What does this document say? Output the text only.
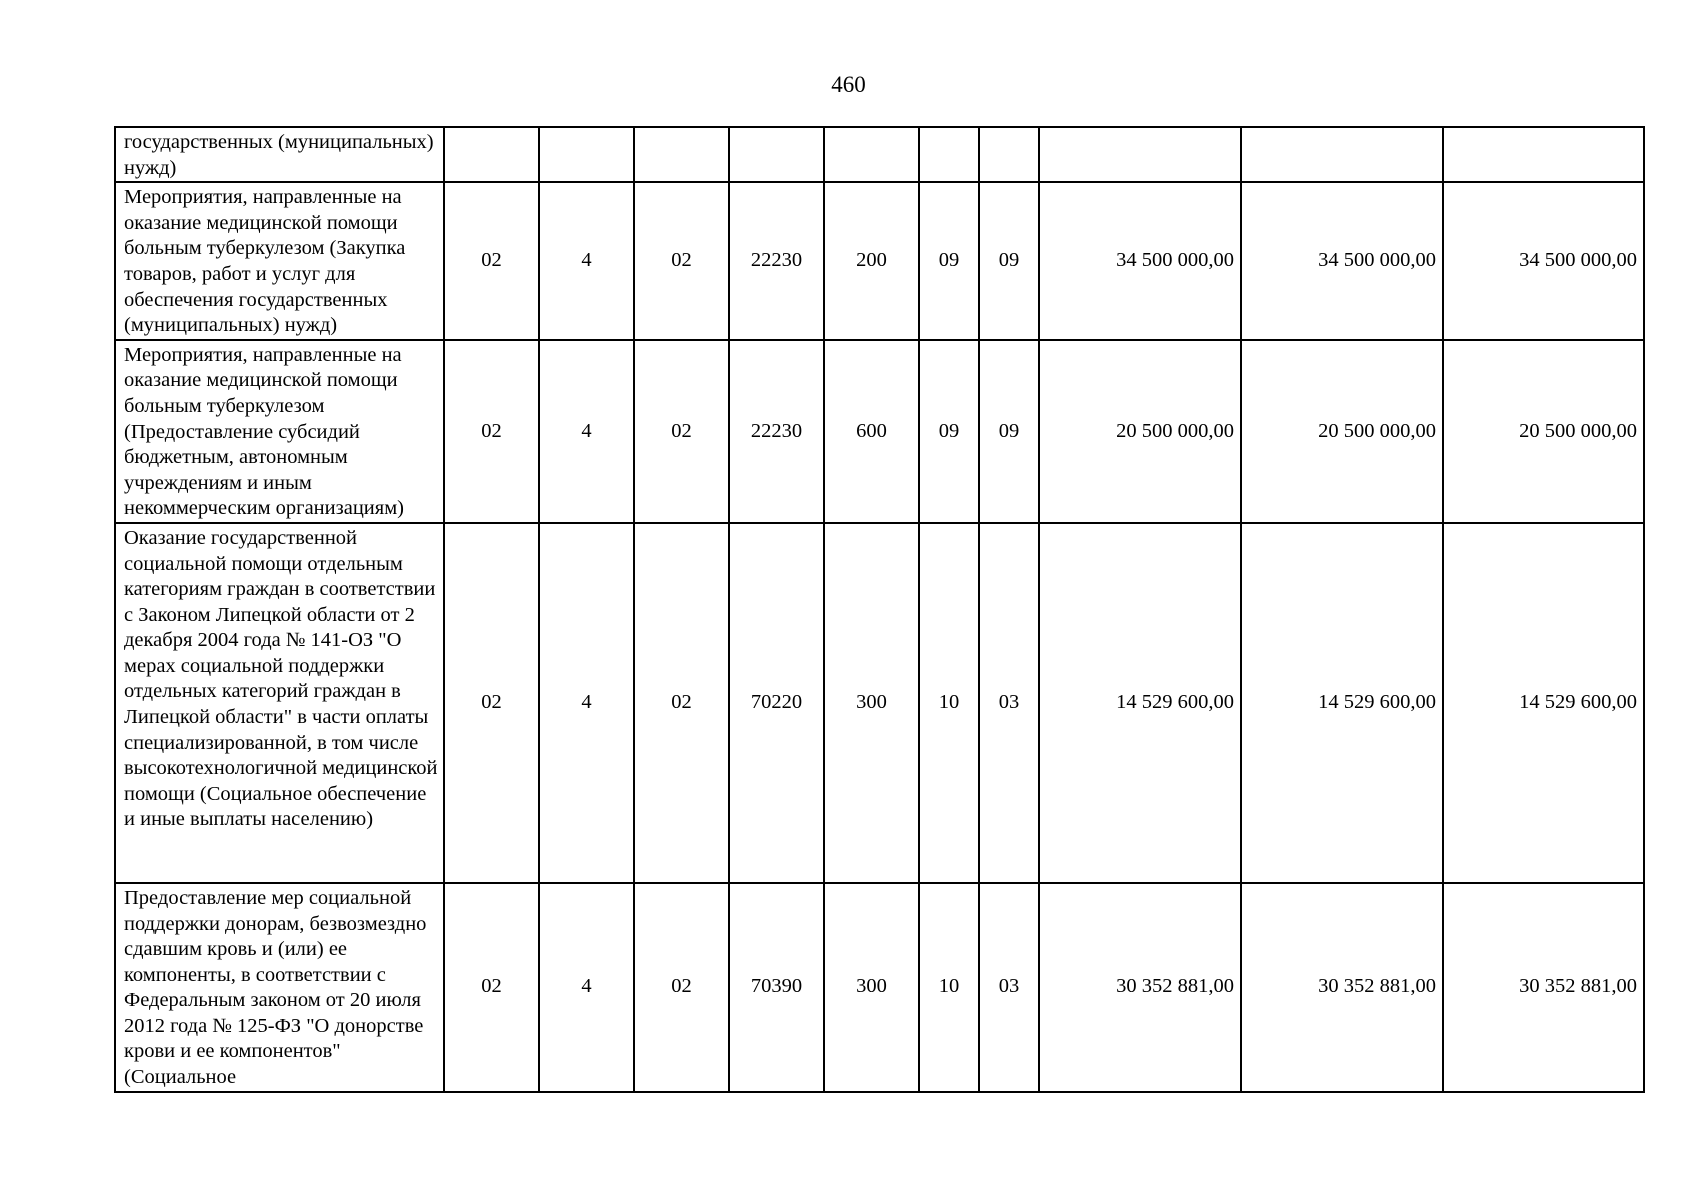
460
государственных (муниципальных) нужд)										
Мероприятия, направленные на оказание медицинской помощи больным туберкулезом (Закупка товаров, работ и услуг для обеспечения государственных (муниципальных) нужд)	02	4	02	22230	200	09	09	34 500 000,00	34 500 000,00	34 500 000,00
Мероприятия, направленные на оказание медицинской помощи больным туберкулезом (Предоставление субсидий бюджетным, автономным учреждениям и иным некоммерческим организациям)	02	4	02	22230	600	09	09	20 500 000,00	20 500 000,00	20 500 000,00
Оказание государственной социальной помощи отдельным категориям граждан в соответствии с Законом Липецкой области от 2 декабря 2004 года № 141-ОЗ "О мерах социальной поддержки отдельных категорий граждан в Липецкой области" в части оплаты специализированной, в том числе высокотехнологичной медицинской помощи (Социальное обеспечение и иные выплаты населению)	02	4	02	70220	300	10	03	14 529 600,00	14 529 600,00	14 529 600,00
Предоставление мер социальной поддержки донорам, безвозмездно сдавшим кровь и (или) ее компоненты, в соответствии с Федеральным законом от 20 июля 2012 года № 125-ФЗ "О донорстве крови и ее компонентов" (Социальное	02	4	02	70390	300	10	03	30 352 881,00	30 352 881,00	30 352 881,00
